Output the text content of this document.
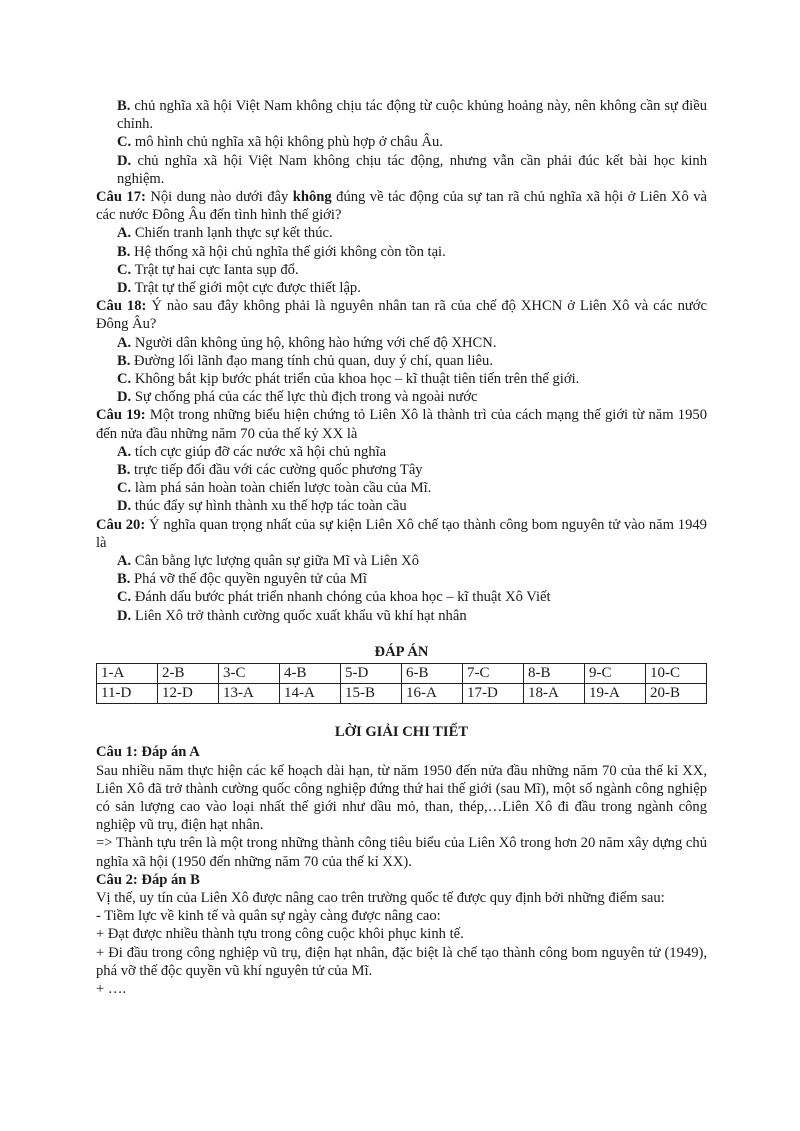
B. chủ nghĩa xã hội Việt Nam không chịu tác động từ cuộc khủng hoảng này, nên không cần sự điều chỉnh.

C. mô hình chủ nghĩa xã hội không phù hợp ở châu Âu.

D. chủ nghĩa xã hội Việt Nam không chịu tác động, nhưng vẫn cần phải đúc kết bài học kinh nghiệm.

Câu 17: Nội dung nào dưới đây không đúng về tác động của sự tan rã chủ nghĩa xã hội ở Liên Xô và các nước Đông Âu đến tình hình thế giới?

A. Chiến tranh lạnh thực sự kết thúc.

B. Hệ thống xã hội chủ nghĩa thế giới không còn tồn tại.

C. Trật tự hai cực Ianta sụp đổ.

D. Trật tự thế giới một cực được thiết lập.

Câu 18: Ý nào sau đây không phải là nguyên nhân tan rã của chế độ XHCN ở Liên Xô và các nước Đông Âu?

A. Người dân không ủng hộ, không hào hứng với chế độ XHCN.

B. Đường lối lãnh đạo mang tính chủ quan, duy ý chí, quan liêu.

C. Không bắt kịp bước phát triển của khoa học – kĩ thuật tiên tiến trên thế giới.

D. Sự chống phá của các thế lực thù địch trong và ngoài nước

Câu 19: Một trong những biểu hiện chứng tỏ Liên Xô là thành trì của cách mạng thế giới từ năm 1950 đến nửa đầu những năm 70 của thế kỷ XX là

A. tích cực giúp đỡ các nước xã hội chủ nghĩa

B. trực tiếp đối đầu với các cường quốc phương Tây

C. làm phá sản hoàn toàn chiến lược toàn cầu của Mĩ.

D. thúc đẩy sự hình thành xu thế hợp tác toàn cầu

Câu 20: Ý nghĩa quan trọng nhất của sự kiện Liên Xô chế tạo thành công bom nguyên tử vào năm 1949 là

A. Cân bằng lực lượng quân sự giữa Mĩ và Liên Xô

B. Phá vỡ thế độc quyền nguyên tử của Mĩ

C. Đánh dấu bước phát triển nhanh chóng của khoa học – kĩ thuật Xô Viết

D. Liên Xô trở thành cường quốc xuất khẩu vũ khí hạt nhân

ĐÁP ÁN

1-A	2-B	3-C	4-B	5-D	6-B	7-C	8-B	9-C	10-C
11-D	12-D	13-A	14-A	15-B	16-A	17-D	18-A	19-A	20-B

LỜI GIẢI CHI TIẾT

Câu 1: Đáp án A

Sau nhiều năm thực hiện các kế hoạch dài hạn, từ năm 1950 đến nửa đầu những năm 70 của thế kỉ XX, Liên Xô đã trở thành cường quốc công nghiệp đứng thứ hai thế giới (sau Mĩ), một số ngành công nghiệp có sản lượng cao vào loại nhất thế giới như dầu mỏ, than, thép,…Liên Xô đi đầu trong ngành công nghiệp vũ trụ, điện hạt nhân.

=> Thành tựu trên là một trong những thành công tiêu biểu của Liên Xô trong hơn 20 năm xây dựng chủ nghĩa xã hội (1950 đến những năm 70 của thế kỉ XX).

Câu 2: Đáp án B

Vị thế, uy tín của Liên Xô được nâng cao trên trường quốc tế được quy định bởi những điểm sau:

- Tiềm lực về kinh tế và quân sự ngày càng được nâng cao:

+ Đạt được nhiều thành tựu trong công cuộc khôi phục kinh tế.

+ Đi đầu trong công nghiệp vũ trụ, điện hạt nhân, đặc biệt là chế tạo thành công bom nguyên tử (1949), phá vỡ thế độc quyền vũ khí nguyên tử của Mĩ.

+ ….
